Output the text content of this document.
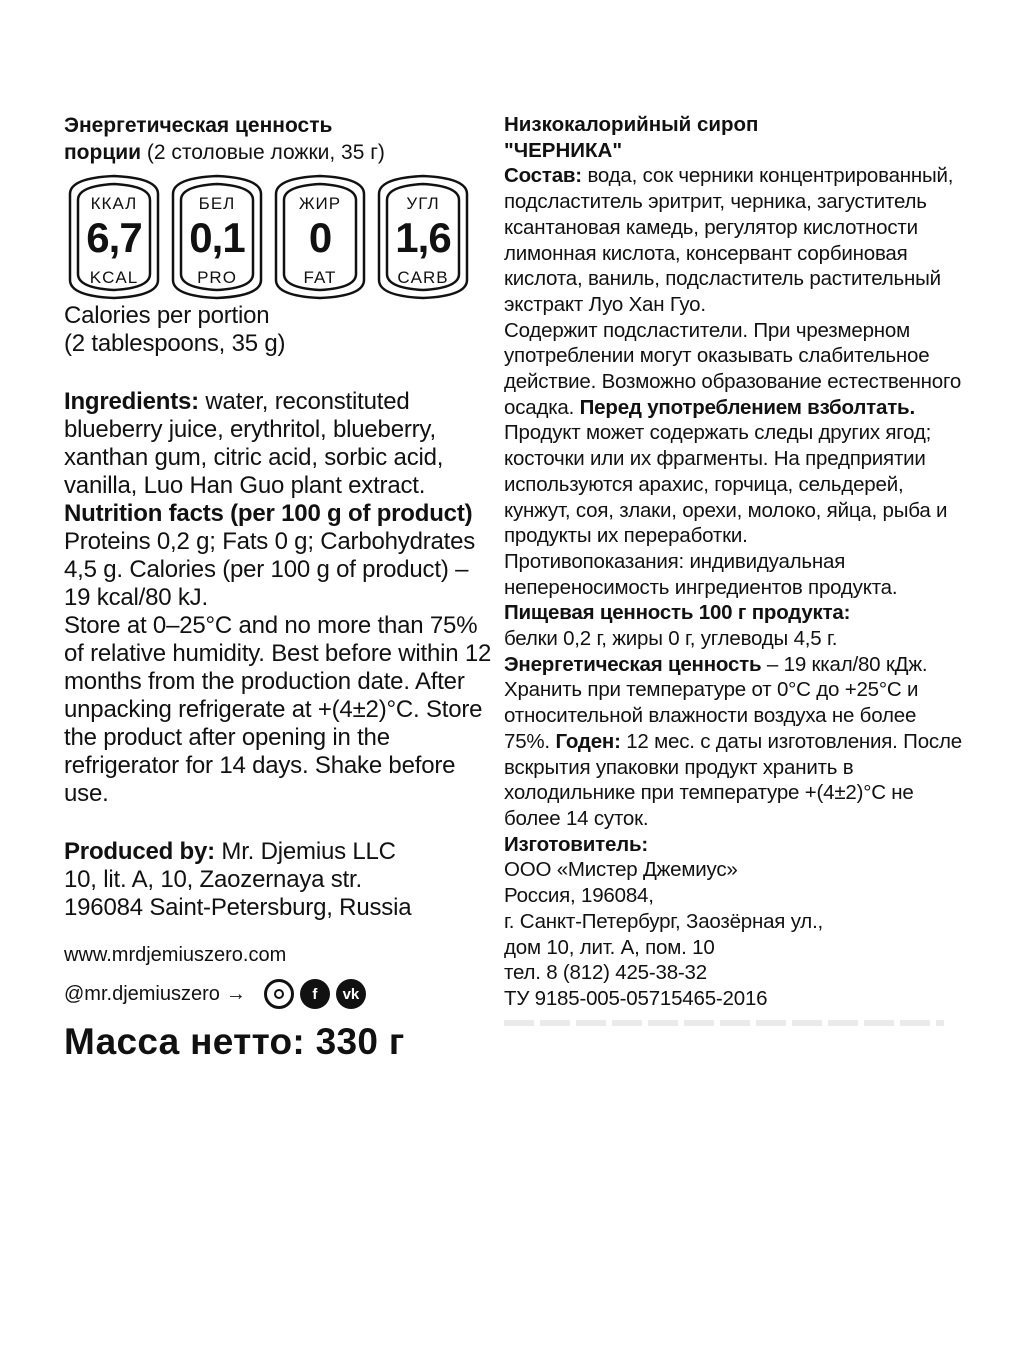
Энергетическая ценность
порции (2 столовые ложки, 35 г)
ККАЛ
6,7
KCAL
БЕЛ
0,1
PRO
ЖИР
0
FAT
УГЛ
1,6
CARB
Calories per portion
(2 tablespoons, 35 g)
Ingredients: water, reconstituted blueberry juice, erythritol, blueberry, xanthan gum, citric acid, sorbic acid, vanilla, Luo Han Guo plant extract.
Nutrition facts (per 100 g of product)
Proteins 0,2 g; Fats 0 g; Carbohydrates 4,5 g. Calories (per 100 g of product) – 19 kcal/80 kJ.
Store at 0–25°C and no more than 75% of relative humidity. Best before within 12 months from the production date. After unpacking refrigerate at +(4±2)°C. Store the product after opening in the refrigerator for 14 days. Shake before use.
Produced by: Mr. Djemius LLC
10, lit. A, 10, Zaozernaya str.
196084 Saint-Petersburg, Russia
www.mrdjemiuszero.com
@mr.djemiuszero →	f	vk
Масса нетто: 330 г
Низкокалорийный сироп
"ЧЕРНИКА"
Состав: вода, сок черники концентрированный, подсластитель эритрит, черника, загуститель ксантановая камедь, регулятор кислотности лимонная кислота, консервант сорбиновая кислота, ваниль, подсластитель растительный экстракт Луо Хан Гуо.
Содержит подсластители. При чрезмерном употреблении могут оказывать слабительное действие. Возможно образование естественного осадка. Перед употреблением взболтать. Продукт может содержать следы других ягод; косточки или их фрагменты. На предприятии используются арахис, горчица, сельдерей, кунжут, соя, злаки, орехи, молоко, яйца, рыба и продукты их переработки.
Противопоказания: индивидуальная непереносимость ингредиентов продукта.
Пищевая ценность 100 г продукта:
белки 0,2 г, жиры 0 г, углеводы 4,5 г.
Энергетическая ценность – 19 ккал/80 кДж.
Хранить при температуре от 0°С до +25°С и относительной влажности воздуха не более 75%. Годен: 12 мес. с даты изготовления. После вскрытия упаковки продукт хранить в холодильнике при температуре +(4±2)°С не более 14 суток.
Изготовитель:
ООО «Мистер Джемиус»
Россия, 196084,
г. Санкт-Петербург, Заозёрная ул.,
дом 10, лит. А, пом. 10
тел. 8 (812) 425-38-32
ТУ 9185-005-05715465-2016
